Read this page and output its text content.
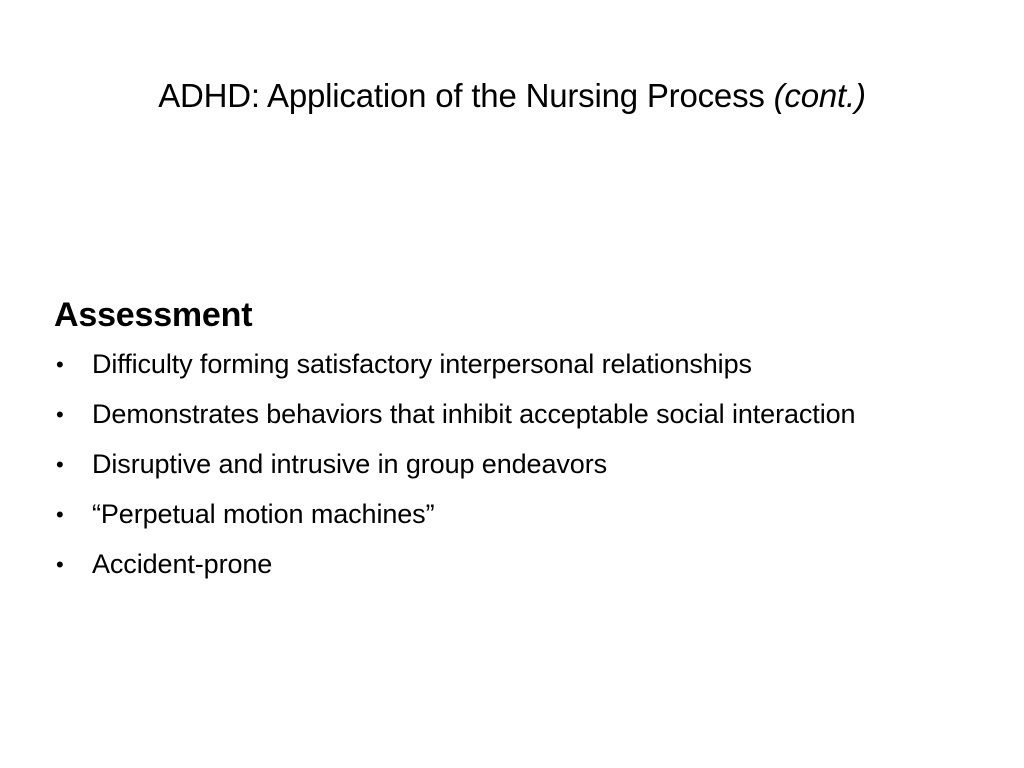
ADHD: Application of the Nursing Process (cont.)
Assessment
• Difficulty forming satisfactory interpersonal relationships
• Demonstrates behaviors that inhibit acceptable social interaction
• Disruptive and intrusive in group endeavors
• “Perpetual motion machines”
• Accident-prone
